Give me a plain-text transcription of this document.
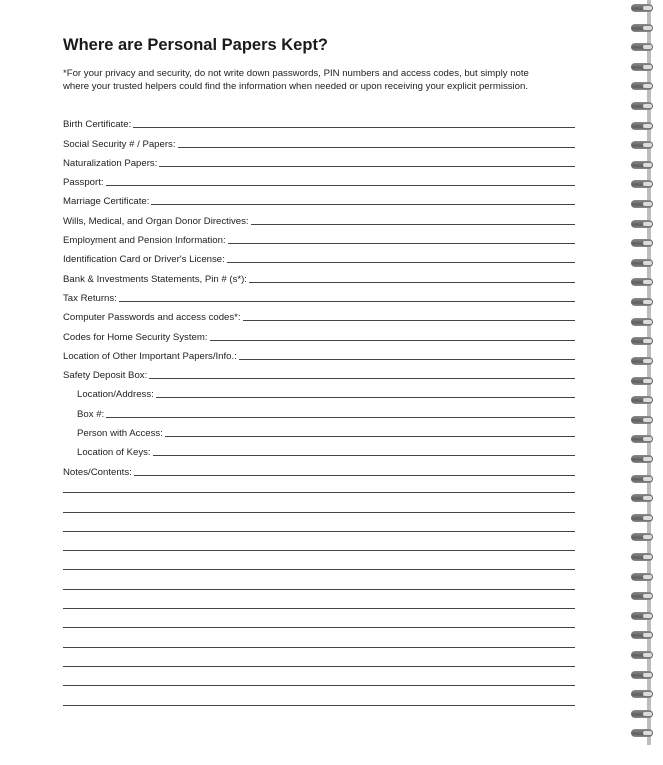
Where are Personal Papers Kept?
*For your privacy and security, do not write down passwords, PIN numbers and access codes, but simply note where your trusted helpers could find the information when needed or upon receiving your explicit permission.
Birth Certificate:
Social Security # / Papers:
Naturalization Papers:
Passport:
Marriage Certificate:
Wills, Medical, and Organ Donor Directives:
Employment and Pension Information:
Identification Card or Driver's License:
Bank & Investments Statements, Pin # (s*):
Tax Returns:
Computer Passwords and access codes*:
Codes for Home Security System:
Location of Other Important Papers/Info.:
Safety Deposit Box:
Location/Address:
Box #:
Person with Access:
Location of Keys:
Notes/Contents:
